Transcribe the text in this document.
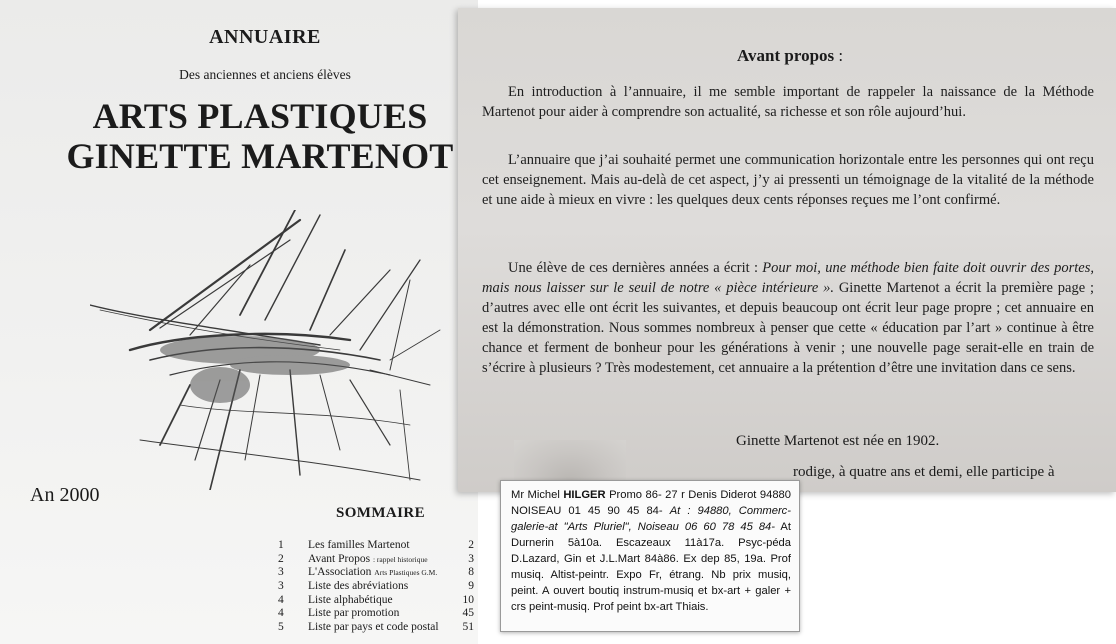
ANNUAIRE
Des anciennes et anciens élèves
ARTS PLASTIQUES
GINETTE MARTENOT
An 2000
SOMMAIRE
1	Les familles Martenot	2
2	Avant Propos : rappel historique	3
3	L'Association Arts Plastiques G.M.	8
3	Liste des abréviations	9
4	Liste alphabétique	10
4	Liste par promotion	45
5	Liste par pays et code postal 51
Avant propos :
En introduction à l’annuaire, il me semble important de rappeler la naissance de la Méthode Martenot pour aider à comprendre son actualité, sa richesse et son rôle aujourd’hui.
L’annuaire que j’ai souhaité permet une communication horizontale entre les personnes qui ont reçu cet enseignement. Mais au-delà de cet aspect, j’y ai pressenti un témoignage de la vitalité de la méthode et une aide à mieux en vivre : les quelques deux cents réponses reçues me l’ont confirmé.
Une élève de ces dernières années a écrit : Pour moi, une méthode bien faite doit ouvrir des portes, mais nous laisser sur le seuil de notre « pièce intérieure ». Ginette Martenot a écrit la première page ; d’autres avec elle ont écrit les suivantes, et depuis beaucoup ont écrit leur page propre ; cet annuaire en est la démonstration. Nous sommes nombreux à penser que cette « éducation par l’art » continue à être chance et ferment de bonheur pour les générations à venir ; une nouvelle page serait-elle en train de s’écrire à plusieurs ? Très modestement, cet annuaire a la prétention d’être une invitation dans ce sens.
Ginette Martenot est née en 1902.
rodige, à quatre ans et demi, elle participe à
Mr Michel HILGER Promo 86- 27 r Denis Diderot 94880 NOISEAU 01 45 90 45 84- At : 94880, Commerc-galerie-at "Arts Pluriel", Noiseau 06 60 78 45 84- At Durnerin 5à10a. Escazeaux 11à17a. Psyc-péda D.Lazard, Gin et J.L.Mart 84à86. Ex dep 85, 19a. Prof musiq. Altist-peintr. Expo Fr, étrang. Nb prix musiq, peint. A ouvert boutiq instrum-musiq et bx-art + galer + crs peint-musiq. Prof peint bx-art Thiais.
